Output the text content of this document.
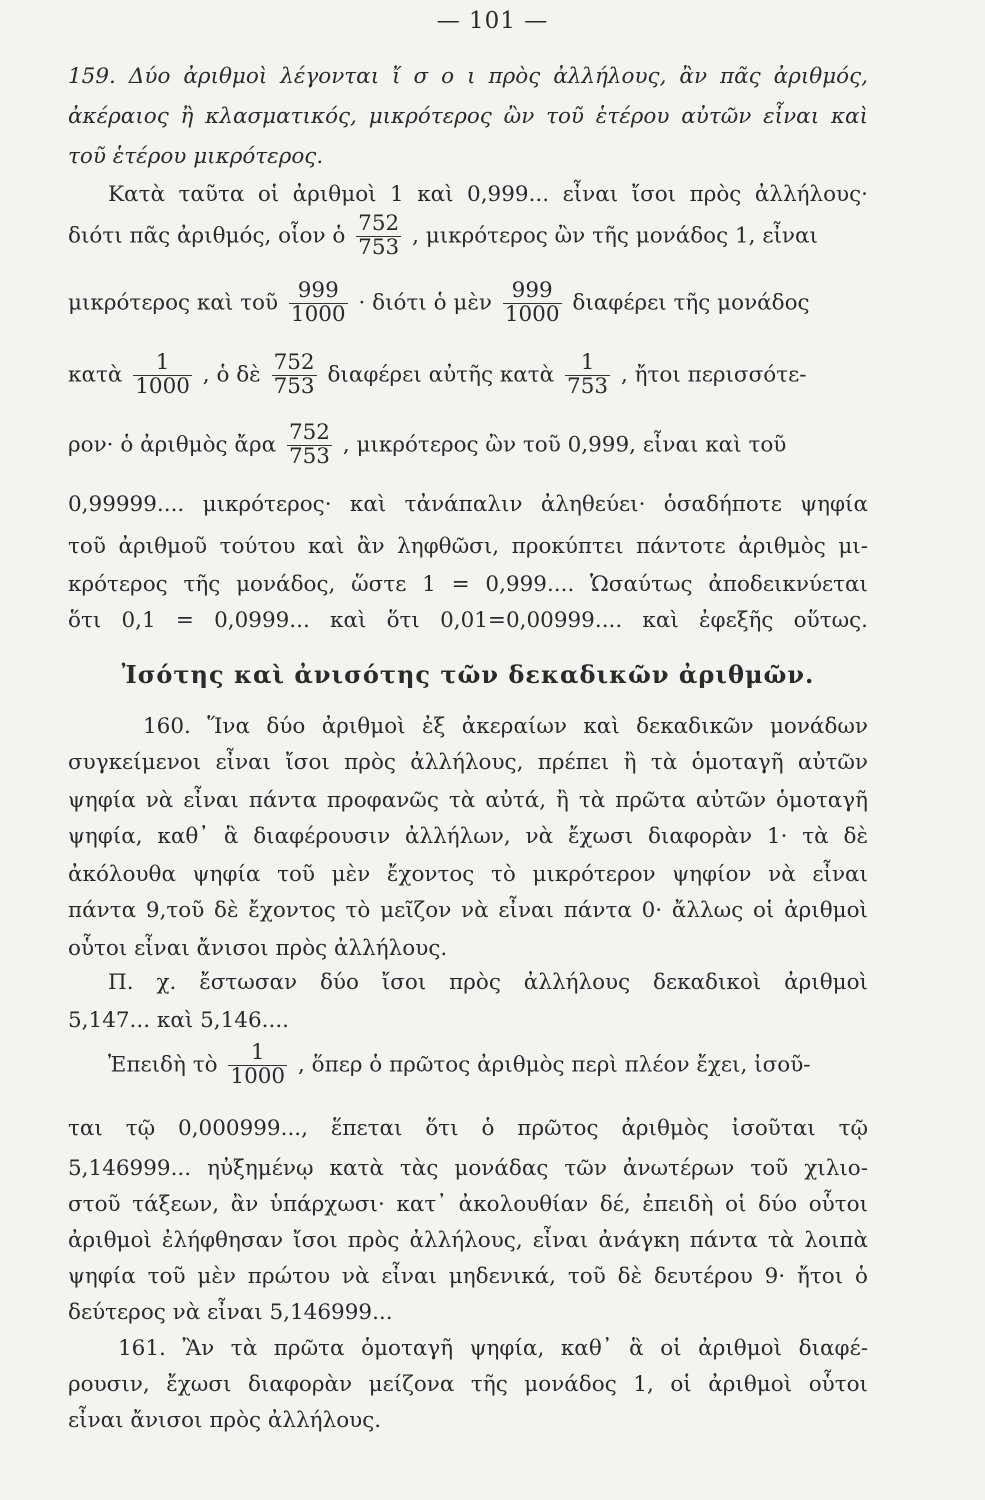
— 101 —
159. Δύο ἀριθμοὶ λέγονται ἴ σ ο ι πρὸς ἀλλήλους, ἂν πᾶς ἀριθμός,
ἀκέραιος ἢ κλασματικός, μικρότερος ὢν τοῦ ἑτέρου αὐτῶν εἶναι καὶ
τοῦ ἑτέρου μικρότερος.
Κατὰ ταῦτα οἱ ἀριθμοὶ 1 καὶ 0,999... εἶναι ἴσοι πρὸς ἀλλήλους·
διότι πᾶς ἀριθμός, οἷον ὁ $\frac{752}{753}$ , μικρότερος ὢν τῆς μονάδος 1, εἶναι
μικρότερος καὶ τοῦ $\frac{999}{1000} \cdot \delta\iota ό\tau\iota$ ὁ μὲν $\frac{999}{1000}$ διαφέρει τῆς μονάδος
κατὰ $\frac{1}{1000}$ , ὁ δὲ $\frac{752}{753}$ διαφέρει αὐτῆς κατὰ $\frac{1}{753}$ , ἤτοι περισσότε-
ρον· ὁ ἀριθμὸς ἄρα $\frac{752}{753}$ , μικρότερος ὢν τοῦ 0,999, εἶναι καὶ τοῦ
0,99999.... μικρότερος· καὶ τἀνάπαλιν ἀληθεύει· ὁσαδήποτε ψηφία
τοῦ ἀριθμοῦ τούτου καὶ ἂν ληφθῶσι, προκύπτει πάντοτε ἀριθμὸς μι-
κρότερος τῆς μονάδος, ὥστε 1 = 0,999.... Ὡσαύτως ἀποδεικνύεται
ὅτι 0,1 = 0,0999... καὶ ὅτι 0,01=0,00999.... καὶ ἐφεξῆς οὕτως.
Ἰσότης καὶ ἀνισότης τῶν δεκαδικῶν ἀριθμῶν.
160. Ἵνα δύο ἀριθμοὶ ἐξ ἀκεραίων καὶ δεκαδικῶν μονάδων
συγκείμενοι εἶναι ἴσοι πρὸς ἀλλήλους, πρέπει ἢ τὰ ὁμοταγῆ αὐτῶν
ψηφία νὰ εἶναι πάντα προφανῶς τὰ αὐτά, ἢ τὰ πρῶτα αὐτῶν ὁμοταγῆ
ψηφία, καθ᾽ ἃ διαφέρουσιν ἀλλήλων, νὰ ἔχωσι διαφορὰν 1· τὰ δὲ
ἀκόλουθα ψηφία τοῦ μὲν ἔχοντος τὸ μικρότερον ψηφίον νὰ εἶναι
πάντα 9,τοῦ δὲ ἔχοντος τὸ μεῖζον νὰ εἶναι πάντα 0· ἄλλως οἱ ἀριθμοὶ
οὗτοι εἶναι ἄνισοι πρὸς ἀλλήλους.
Π. χ. ἔστωσαν δύο ἴσοι πρὸς ἀλλήλους δεκαδικοὶ ἀριθμοὶ
5,147... καὶ 5,146....
Ἐπειδὴ τὸ $\frac{1}{1000}$ , ὅπερ ὁ πρῶτος ἀριθμὸς περὶ πλέον ἔχει, ἰσοῦ-
ται τῷ 0,000999..., ἕπεται ὅτι ὁ πρῶτος ἀριθμὸς ἰσοῦται τῷ
5,146999... ηὐξημένῳ κατὰ τὰς μονάδας τῶν ἀνωτέρων τοῦ χιλιο-
στοῦ τάξεων, ἂν ὑπάρχωσι· κατ᾽ ἀκολουθίαν δέ, ἐπειδὴ οἱ δύο οὗτοι
ἀριθμοὶ ἐλήφθησαν ἴσοι πρὸς ἀλλήλους, εἶναι ἀνάγκη πάντα τὰ λοιπὰ
ψηφία τοῦ μὲν πρώτου νὰ εἶναι μηδενικά, τοῦ δὲ δευτέρου 9· ἤτοι ὁ
δεύτερος νὰ εἶναι 5,146999...
161. Ἂν τὰ πρῶτα ὁμοταγῆ ψηφία, καθ᾽ ἃ οἱ ἀριθμοὶ διαφέ-
ρουσιν, ἔχωσι διαφορὰν μείζονα τῆς μονάδος 1, οἱ ἀριθμοὶ οὗτοι
εἶναι ἄνισοι πρὸς ἀλλήλους.
